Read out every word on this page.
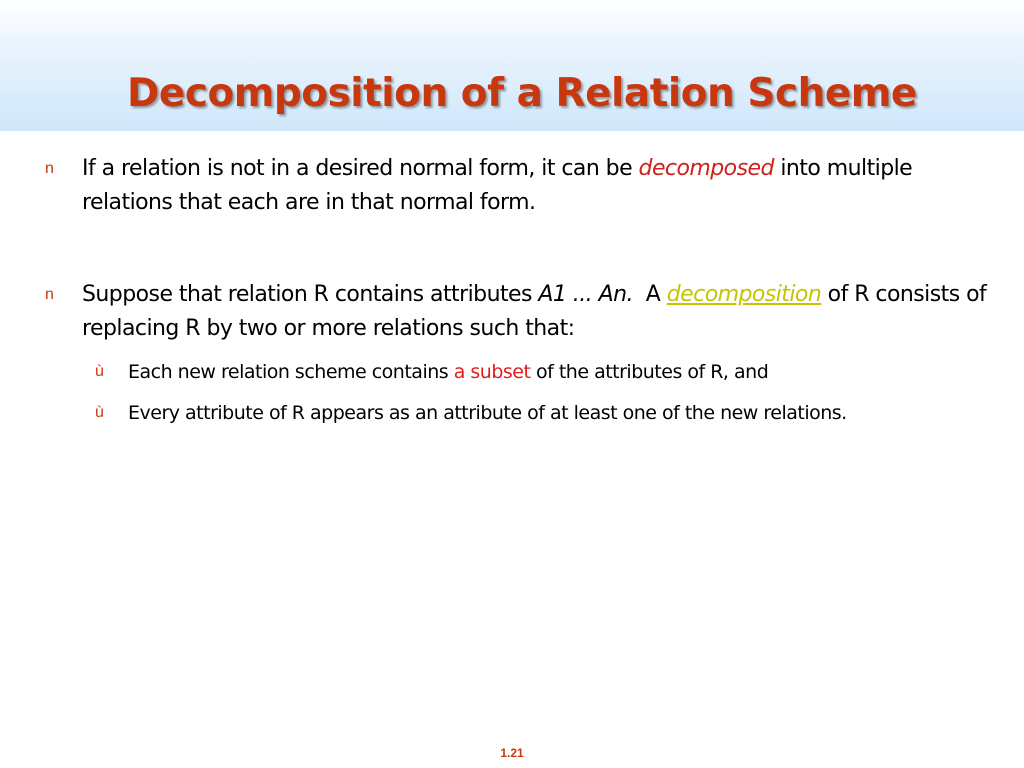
Decomposition of a Relation Scheme
n If a relation is not in a desired normal form, it can be decomposed into multiple relations that each are in that normal form.
n Suppose that relation R contains attributes A1 ... An.  A decomposition of R consists of replacing R by two or more relations such that:
ù Each new relation scheme contains a subset of the attributes of R, and
ù Every attribute of R appears as an attribute of at least one of the new relations.
1.21
